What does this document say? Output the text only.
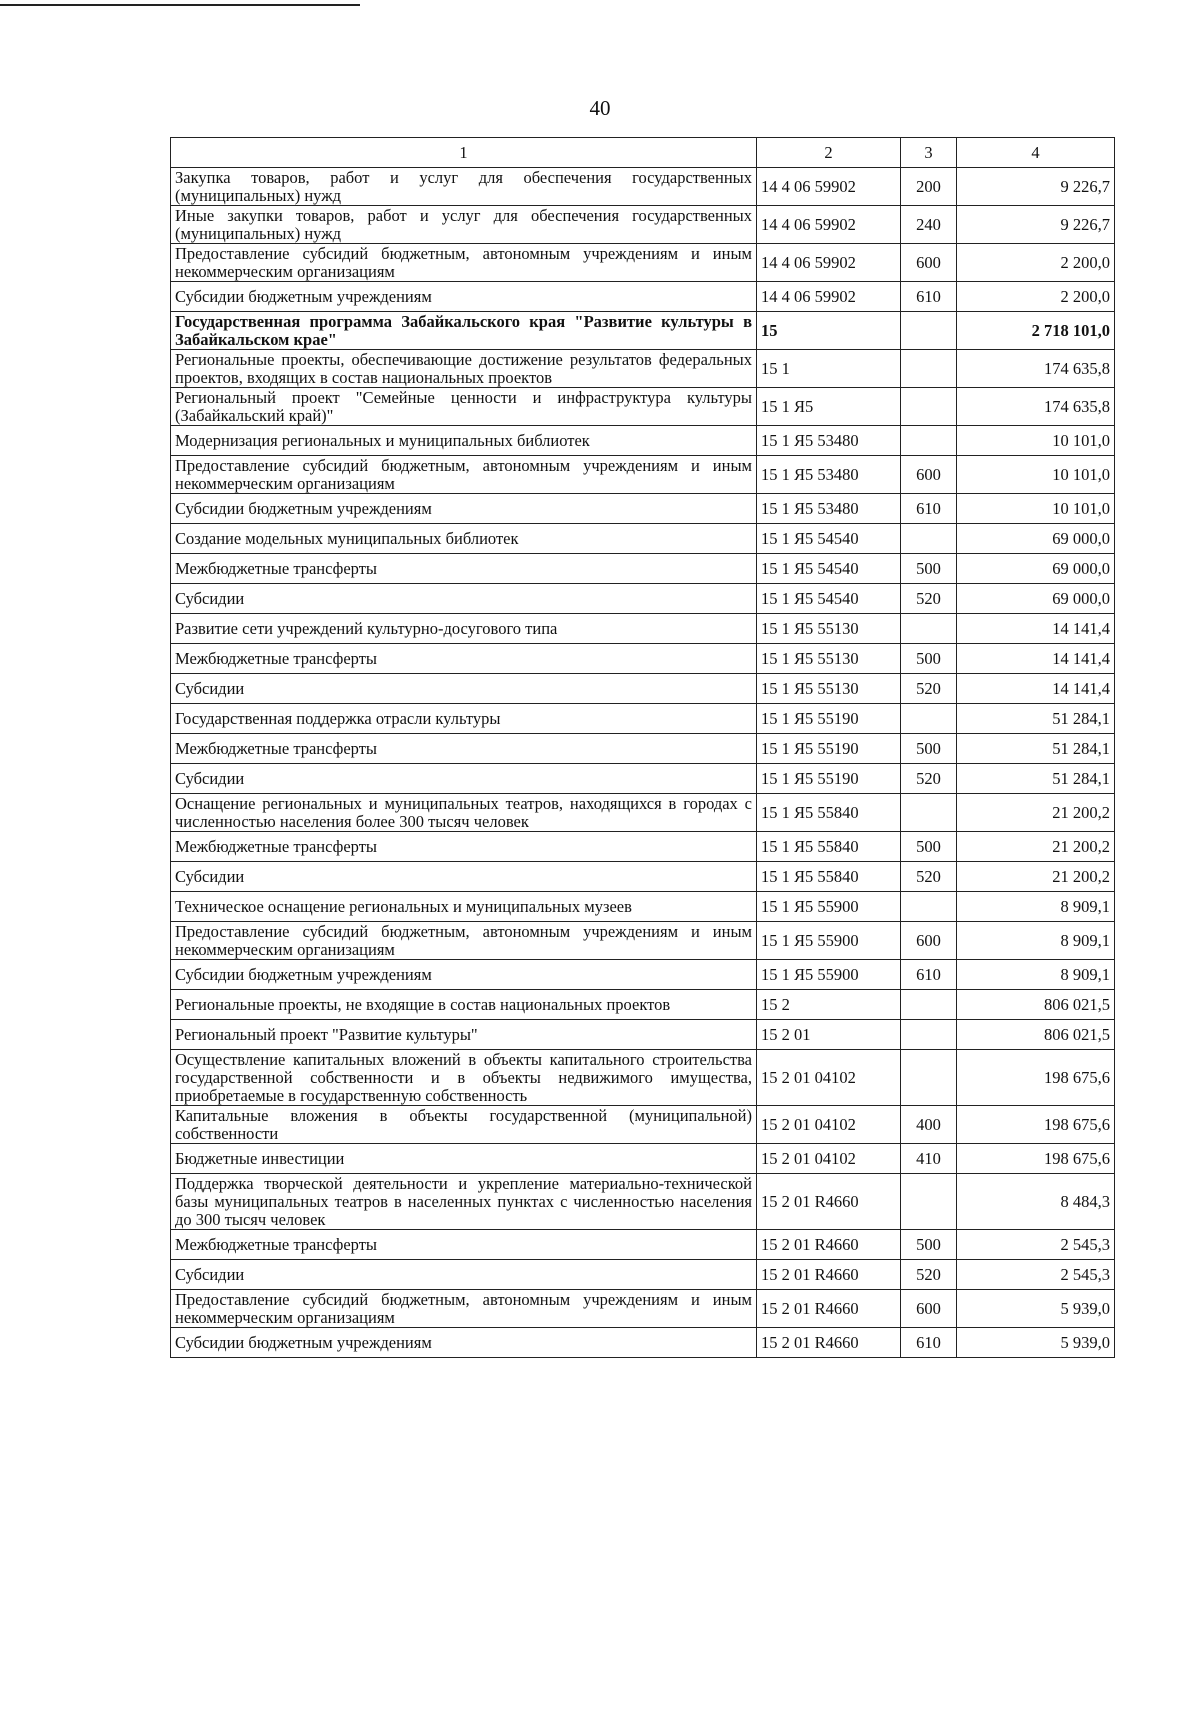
40
1	2	3	4
Закупка товаров, работ и услуг для обеспечения государственных (муниципальных) нужд	14 4 06 59902	200	9 226,7
Иные закупки товаров, работ и услуг для обеспечения государственных (муниципальных) нужд	14 4 06 59902	240	9 226,7
Предоставление субсидий бюджетным, автономным учреждениям и иным некоммерческим организациям	14 4 06 59902	600	2 200,0
Субсидии бюджетным учреждениям	14 4 06 59902	610	2 200,0
Государственная программа Забайкальского края "Развитие культуры в Забайкальском крае"	15		2 718 101,0
Региональные проекты, обеспечивающие достижение результатов федеральных проектов, входящих в состав национальных проектов	15 1		174 635,8
Региональный проект "Семейные ценности и инфраструктура культуры (Забайкальский край)"	15 1 Я5		174 635,8
Модернизация региональных и муниципальных библиотек	15 1 Я5 53480		10 101,0
Предоставление субсидий бюджетным, автономным учреждениям и иным некоммерческим организациям	15 1 Я5 53480	600	10 101,0
Субсидии бюджетным учреждениям	15 1 Я5 53480	610	10 101,0
Создание модельных муниципальных библиотек	15 1 Я5 54540		69 000,0
Межбюджетные трансферты	15 1 Я5 54540	500	69 000,0
Субсидии	15 1 Я5 54540	520	69 000,0
Развитие сети учреждений культурно-досугового типа	15 1 Я5 55130		14 141,4
Межбюджетные трансферты	15 1 Я5 55130	500	14 141,4
Субсидии	15 1 Я5 55130	520	14 141,4
Государственная поддержка отрасли культуры	15 1 Я5 55190		51 284,1
Межбюджетные трансферты	15 1 Я5 55190	500	51 284,1
Субсидии	15 1 Я5 55190	520	51 284,1
Оснащение региональных и муниципальных театров, находящихся в городах с численностью населения более 300 тысяч человек	15 1 Я5 55840		21 200,2
Межбюджетные трансферты	15 1 Я5 55840	500	21 200,2
Субсидии	15 1 Я5 55840	520	21 200,2
Техническое оснащение региональных и муниципальных музеев	15 1 Я5 55900		8 909,1
Предоставление субсидий бюджетным, автономным учреждениям и иным некоммерческим организациям	15 1 Я5 55900	600	8 909,1
Субсидии бюджетным учреждениям	15 1 Я5 55900	610	8 909,1
Региональные проекты, не входящие в состав национальных проектов	15 2		806 021,5
Региональный проект "Развитие культуры"	15 2 01		806 021,5
Осуществление капитальных вложений в объекты капитального строительства государственной собственности и в объекты недвижимого имущества, приобретаемые в государственную собственность	15 2 01 04102		198 675,6
Капитальные вложения в объекты государственной (муниципальной) собственности	15 2 01 04102	400	198 675,6
Бюджетные инвестиции	15 2 01 04102	410	198 675,6
Поддержка творческой деятельности и укрепление материально-технической базы муниципальных театров в населенных пунктах с численностью населения до 300 тысяч человек	15 2 01 R4660		8 484,3
Межбюджетные трансферты	15 2 01 R4660	500	2 545,3
Субсидии	15 2 01 R4660	520	2 545,3
Предоставление субсидий бюджетным, автономным учреждениям и иным некоммерческим организациям	15 2 01 R4660	600	5 939,0
Субсидии бюджетным учреждениям	15 2 01 R4660	610	5 939,0
